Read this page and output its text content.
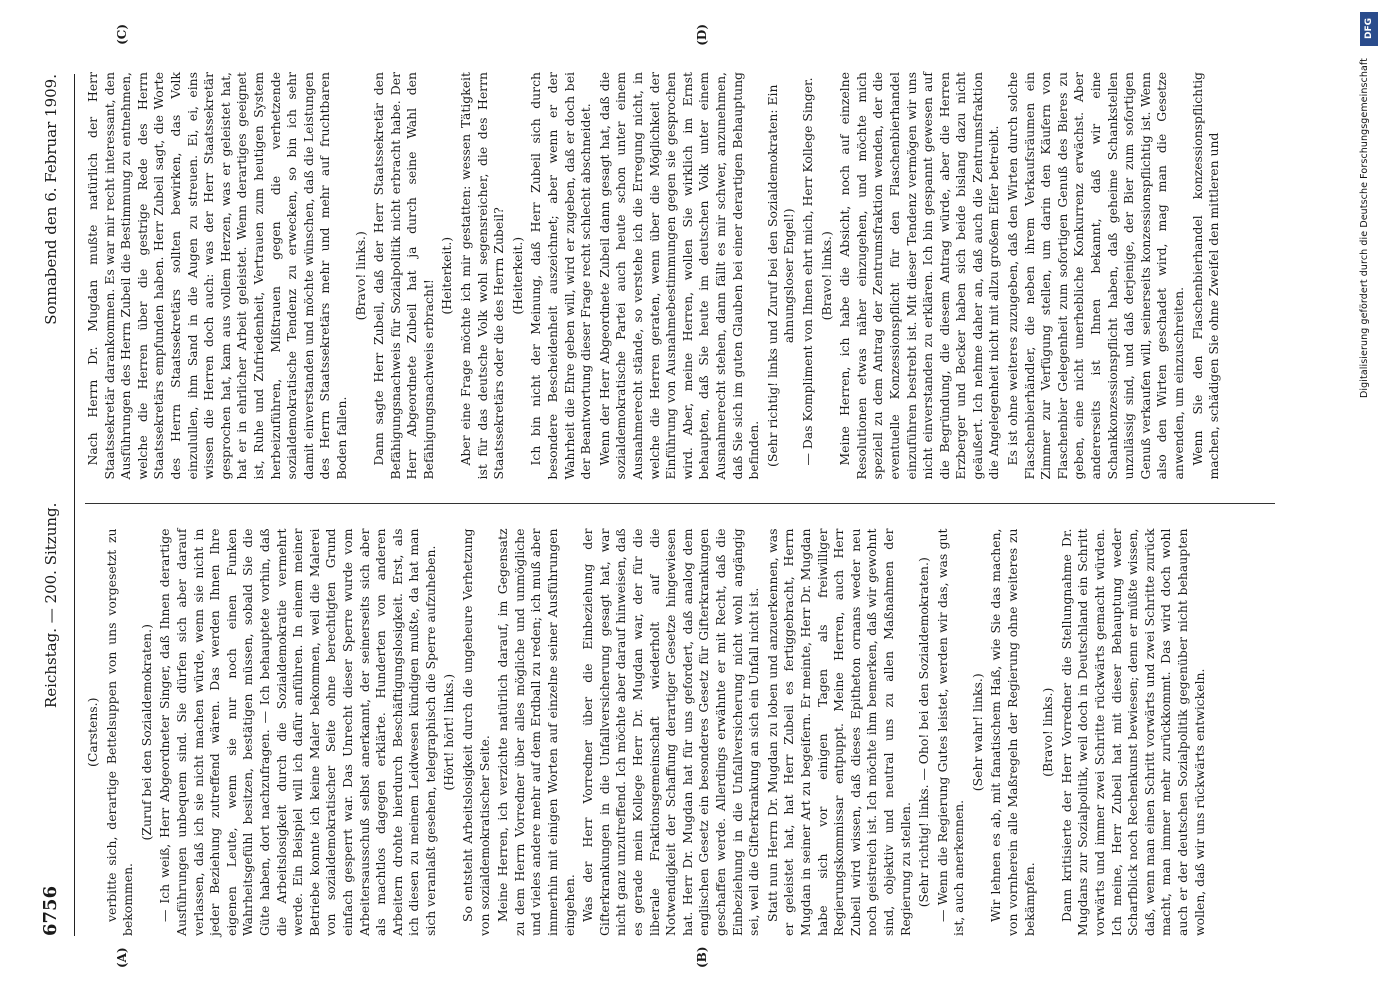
6756
Reichstag. — 200. Sitzung.
Sonnabend den 6. Februar 1909.
(A)	(B)
(C)	(D)

(Carstens.) verbitte sich, derartige Bettelsuppen von uns vorgesetzt zu bekommen.

(Zuruf bei den Sozialdemokraten.) — Ich weiß, Herr Abgeordneter Singer, daß Ihnen derartige Ausführungen unbequem sind. Sie dürfen sich aber darauf verlassen, daß ich sie nicht machen würde, wenn sie nicht in jeder Beziehung zutreffend wären. Das werden Ihnen Ihre eigenen Leute, wenn sie nur noch einen Funken Wahrheitsgefühl besitzen, bestätigen müssen, sobald Sie die Güte haben, dort nachzufragen. — Ich behauptete vorhin, daß die Arbeitslosigkeit durch die Sozialdemokratie vermehrt werde. Ein Beispiel will ich dafür anführen. In einem meiner Betriebe konnte ich keine Maler bekommen, weil die Malerei von sozialdemokratischer Seite ohne berechtigten Grund einfach gesperrt war. Das Unrecht dieser Sperre wurde vom Arbeitersausschuß selbst anerkannt, der seinerseits sich aber als machtlos dagegen erklärte. Hunderten von anderen Arbeitern drohte hierdurch Beschäftigungslosigkeit. Erst, als ich diesen zu meinem Leidwesen kündigen mußte, da hat man sich veranlaßt gesehen, telegraphisch die Sperre aufzuheben. (Hört! hört! links.) So entsteht Arbeitslosigkeit durch die ungeheure Verhetzung von sozialdemokratischer Seite. Meine Herren, ich verzichte natürlich darauf, im Gegensatz zu dem Herrn Vorredner über alles mögliche und unmögliche und vieles andere mehr auf dem Erdball zu reden; ich muß aber immerhin mit einigen Worten auf einzelne seiner Ausführungen eingehen. Was der Herr Vorredner über die Einbeziehung der Gifterkrankungen in die Unfallversicherung gesagt hat, war nicht ganz unzutreffend. Ich möchte aber darauf hinweisen, daß es gerade mein Kollege Herr Dr. Mugdan war, der für die liberale Fraktionsgemeinschaft wiederholt auf die Notwendigkeit der Schaffung derartiger Gesetze hingewiesen hat. Herr Dr. Mugdan hat für uns gefordert, daß analog dem englischen Gesetz ein besonderes Gesetz für Gifterkrankungen geschaffen werde. Allerdings erwähnte er mit Recht, daß die Einbeziehung in die Unfallversicherung nicht wohl angängig sei, weil die Gifterkrankung an sich ein Unfall nicht ist. Statt nun Herrn Dr. Mugdan zu loben und anzuerkennen, was er geleistet hat, hat Herr Zubeil es fertiggebracht, Herrn Mugdan in seiner Art zu begeifern. Er meinte, Herr Dr. Mugdan habe sich vor einigen Tagen als freiwilliger Regierungskommissar entpuppt. Meine Herren, auch Herr Zubeil wird wissen, daß dieses Epitheton ornans weder neu noch geistreich ist. Ich möchte ihm bemerken, daß wir gewohnt sind, objektiv und neutral uns zu allen Maßnahmen der Regierung zu stellen. (Sehr richtig! links. — Oho! bei den Sozialdemokraten.) — Wenn die Regierung Gutes leistet, werden wir das, was gut ist, auch anerkennen.

(Sehr wahr! links.) Wir lehnen es ab, mit fanatischem Haß, wie Sie das machen, von vornherein alle Maßregeln der Regierung ohne weiteres zu bekämpfen.

(Bravo! links.) Dann kritisierte der Herr Vorredner die Stellungnahme Dr. Mugdans zur Sozialpolitik, weil doch in Deutschland ein Schritt vorwärts und immer zwei Schritte rückwärts gemacht würden. Ich meine, Herr Zubeil hat mit dieser Behauptung weder Scharfblick noch Rechenkunst bewiesen; denn er müßte wissen, daß, wenn man einen Schritt vorwärts und zwei Schritte zurück macht, man immer mehr zurückkommt. Das wird doch wohl auch er der deutschen Sozialpolitik gegenüber nicht behaupten wollen, daß wir uns rückwärts entwickeln.

Nach Herrn Dr. Mugdan mußte natürlich der Herr Staatssekretär darankommen. Es war mir recht interessant, den Ausführungen des Herrn Zubeil die Bestimmung zu entnehmen, welche die Herren über die gestrige Rede des Herrn Staatssekretärs empfunden haben. Herr Zubeil sagt, die Worte des Herrn Staatssekretärs sollten bewirken, das Volk einzulullen, ihm Sand in die Augen zu streuen. Ei, ei, eins wissen die Herren doch auch: was der Herr Staatssekretär gesprochen hat, kam aus vollem Herzen, was er geleistet hat, hat er in ehrlicher Arbeit geleistet. Wenn derartiges geeignet ist, Ruhe und Zufriedenheit, Vertrauen zum heutigen System herbeizuführen, Mißtrauen gegen die verhetzende sozialdemokratische Tendenz zu erwecken, so bin ich sehr damit einverstanden und möchte wünschen, daß die Leistungen des Herrn Staatssekretärs mehr und mehr auf fruchtbaren Boden fallen.

(Bravo! links.) Dann sagte Herr Zubeil, daß der Herr Staatssekretär den Befähigungsnachweis für Sozialpolitik nicht erbracht habe. Der Herr Abgeordnete Zubeil hat ja durch seine Wahl den Befähigungsnachweis erbracht!

(Heiterkeit.) Aber eine Frage möchte ich mir gestatten: wessen Tätigkeit ist für das deutsche Volk wohl segensreicher, die des Herrn Staatssekretärs oder die des Herrn Zubeil? (Heiterkeit.) Ich bin nicht der Meinung, daß Herr Zubeil sich durch besondere Bescheidenheit auszeichnet; aber wenn er der Wahrheit die Ehre geben will, wird er zugeben, daß er doch bei der Beantwortung dieser Frage recht schlecht abschneidet. Wenn der Herr Abgeordnete Zubeil dann gesagt hat, daß die sozialdemokratische Partei auch heute schon unter einem Ausnahmerecht stände, so verstehe ich die Erregung nicht, in welche die Herren geraten, wenn über die Möglichkeit der Einführung von Ausnahmebestimmungen gegen sie gesprochen wird. Aber, meine Herren, wollen Sie wirklich im Ernst behaupten, daß Sie heute im deutschen Volk unter einem Ausnahmerecht stehen, dann fällt es mir schwer, anzunehmen, daß Sie sich im guten Glauben bei einer derartigen Behauptung befinden. (Sehr richtig! links und Zuruf bei den Sozialdemokraten: Ein ahnungsloser Engel!) — Das Kompliment von Ihnen ehrt mich, Herr Kollege Singer. (Bravo! links.) Meine Herren, ich habe die Absicht, noch auf einzelne Resolutionen etwas näher einzugehen, und möchte mich speziell zu dem Antrag der Zentrumsfraktion wenden, der die eventuelle Konzessionspflicht für den Flaschenbierhandel einzuführen bestrebt ist. Mit dieser Tendenz vermögen wir uns nicht einverstanden zu erklären. Ich bin gespannt gewesen auf die Begründung, die diesem Antrag würde, aber die Herren Erzberger und Becker haben sich beide bislang dazu nicht geäußert. Ich nehme daher an, daß auch die Zentrumsfraktion die Angelegenheit nicht mit allzu großem Eifer betreibt. Es ist ohne weiteres zuzugeben, daß den Wirten durch solche Flaschenbierhändler, die neben ihrem Verkaufsräumen ein Zimmer zur Verfügung stellen, um darin den Käufern von Flaschenbier Gelegenheit zum sofortigen Genuß des Bieres zu geben, eine nicht unerhebliche Konkurrenz erwächst. Aber andererseits ist Ihnen bekannt, daß wir eine Schankkonzessionspflicht haben, daß geheime Schankstellen unzulässig sind, und daß derjenige, der Bier zum sofortigen Genuß verkaufen will, seinerseits konzessionspflichtig ist. Wenn also den Wirten geschadet wird, mag man die Gesetze anwenden, um einzuschreiten. Wenn Sie den Flaschenbierhandel konzessionspflichtig machen, schädigen Sie ohne Zweifel den mittleren und

DFG
Digitalisierung gefördert durch die Deutsche Forschungsgemeinschaft
